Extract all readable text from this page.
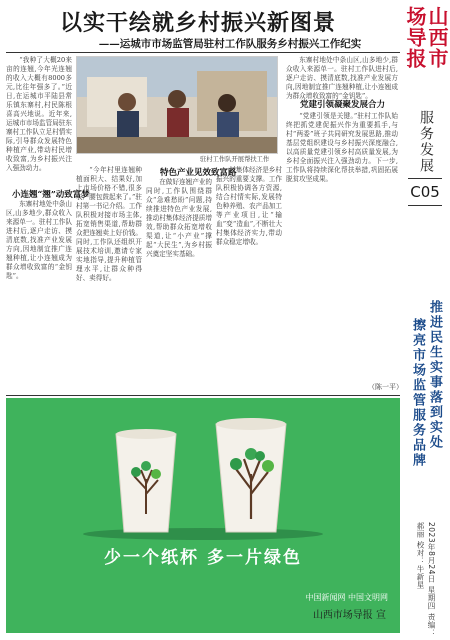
以实干绘就乡村振兴新图景
——运城市市场监管局驻村工作队服务乡村振兴工作纪实	山西市场导报
服务发展
C05
推进民生实事落到实处
擦亮市场监管服务品牌
2023年8月24日 星期四 责编：郝丽 校对：牛新星
“我种了大概20来亩的连翘,今年光连翘的收入大概有8000多元,比往年强多了。”近日,在运城市平陆县常乐镇东寨村,村民陈根喜高兴地说。近年来,运城市市场监管局驻东寨村工作队立足村情实际,引导群众发展特色种植产业,带动村民增收致富,为乡村振兴注入强劲动力。
小连翘“翘”动致富梦
东寨村地处中条山区,山多地少,群众收入来源单一。驻村工作队进村后,逐户走访、摸清底数,找准产业发展方向,因地制宜推广连翘种植,让小连翘成为群众增收致富的“金钥匙”。
驻村工作队开展帮扶工作
“今年村里连翘种植面积大、结果好,加上市场价格不错,很多农户腰包鼓起来了。”驻村第一书记介绍。工作队积极对接市场主体,拓宽销售渠道,帮助群众把连翘卖上好价钱。同时,工作队还组织开展技术培训,邀请专家实地指导,提升种植管理水平,让群众种得好、卖得好。
特色产业见效致富路
在做好连翘产业的同时,工作队围绕群众“急难愁盼”问题,持续推进特色产业发展,推动村集体经济提质增效,帮助群众拓宽增收渠道,让“小产业”撑起“大民生”,为乡村振兴奠定坚实基础。
村集体经济是乡村振兴的重要支撑。工作队积极协调各方资源,结合村情实际,发展特色种养殖、农产品加工等产业项目,让“输血”变“造血”,不断壮大村集体经济实力,带动群众稳定增收。
东寨村地处中条山区,山多地少,群众收入来源单一。驻村工作队进村后,逐户走访、摸清底数,找准产业发展方向,因地制宜推广连翘种植,让小连翘成为群众增收致富的“金钥匙”。
党建引领凝聚发展合力
“党建引领是关键。”驻村工作队始终把抓党建促振兴作为重要抓手,与村“两委”班子共同研究发展思路,推动基层党组织建设与乡村振兴深度融合,以高质量党建引领乡村高质量发展,为乡村全面振兴注入强劲动力。下一步,工作队将持续深化帮扶举措,巩固拓展脱贫攻坚成果。
（陈一平）
少一个纸杯 多一片绿色
中国新闻网 中国文明网
山西市场导报 宣
